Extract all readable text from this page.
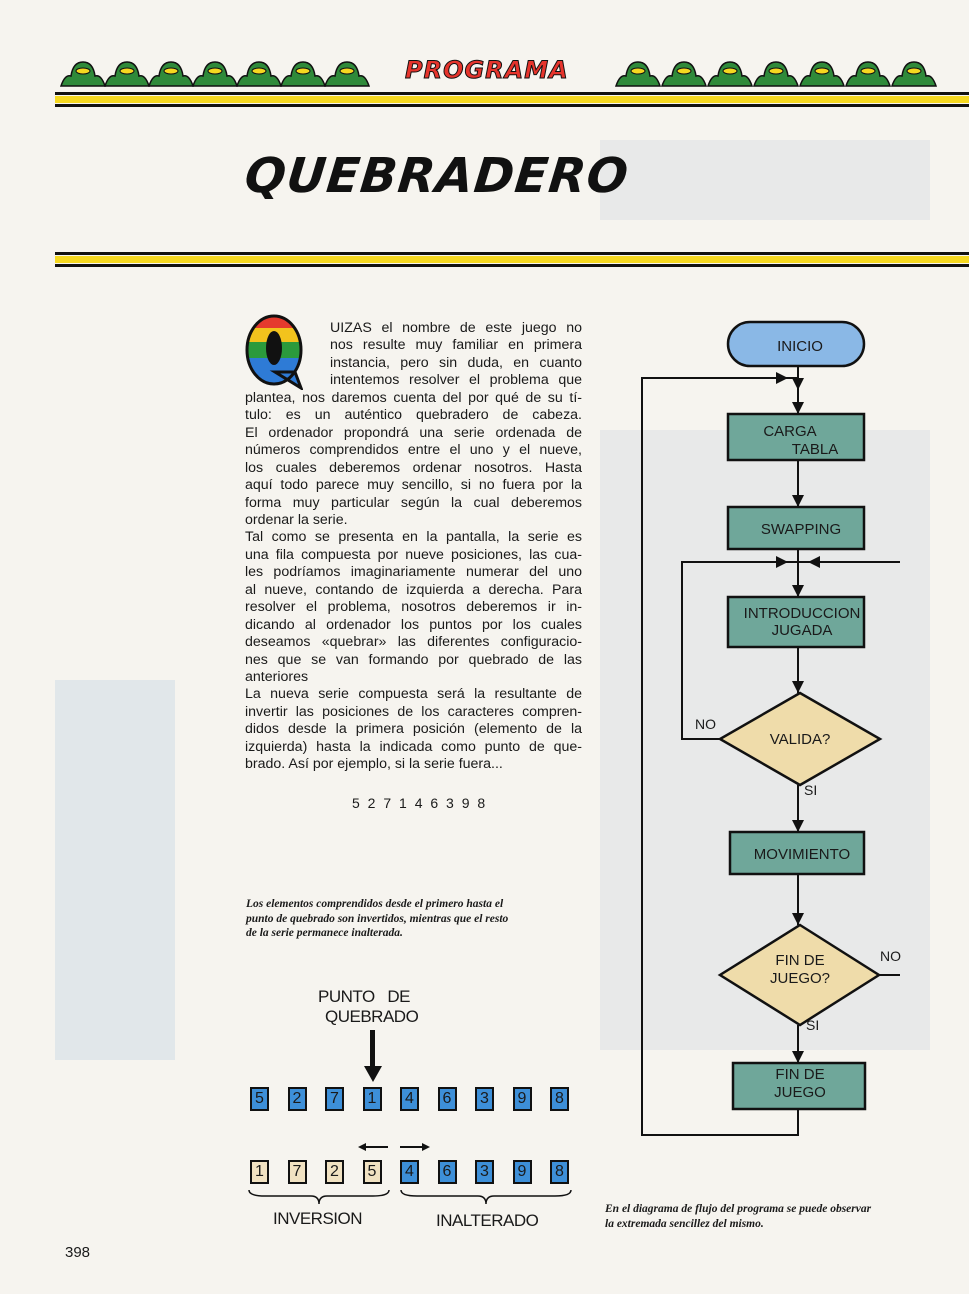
PROGRAMA
QUEBRADERO
UIZAS el nombre de este juego no
nos resulte muy familiar en primera
instancia, pero sin duda, en cuanto
intentemos resolver el problema que
plantea, nos daremos cuenta del por qué de su tí-
tulo: es un auténtico quebradero de cabeza.
El ordenador propondrá una serie ordenada de
números comprendidos entre el uno y el nueve,
los cuales deberemos ordenar nosotros. Hasta
aquí todo parece muy sencillo, si no fuera por la
forma muy particular según la cual deberemos
ordenar la serie.
Tal como se presenta en la pantalla, la serie es
una fila compuesta por nueve posiciones, las cua-
les podríamos imaginariamente numerar del uno
al nueve, contando de izquierda a derecha. Para
resolver el problema, nosotros deberemos ir in-
dicando al ordenador los puntos por los cuales
deseamos «quebrar» las diferentes configuracio-
nes que se van formando por quebrado de las
anteriores
La nueva serie compuesta será la resultante de
invertir las posiciones de los caracteres compren-
didos desde la primera posición (elemento de la
izquierda) hasta la indicada como punto de que-
brado. Así por ejemplo, si la serie fuera...
5 2 7 1 4 6 3 9 8
Los elementos comprendidos desde el primero hasta el
punto de quebrado son invertidos, mientras que el resto
de la serie permanece inalterada.
PUNTO   DE
QUEBRADO
5	2	7	1	4	6	3	9	8
1	7	2	5	4	6	3	9	8
INVERSION	INALTERADO
INICIO
CARGA
TABLA
SWAPPING
INTRODUCCION
JUGADA
VALIDA?
NO
SI
MOVIMIENTO
FIN DE
JUEGO?
NO
SI
FIN DE
JUEGO
En el diagrama de flujo del programa se puede observar
la extremada sencillez del mismo.
398
